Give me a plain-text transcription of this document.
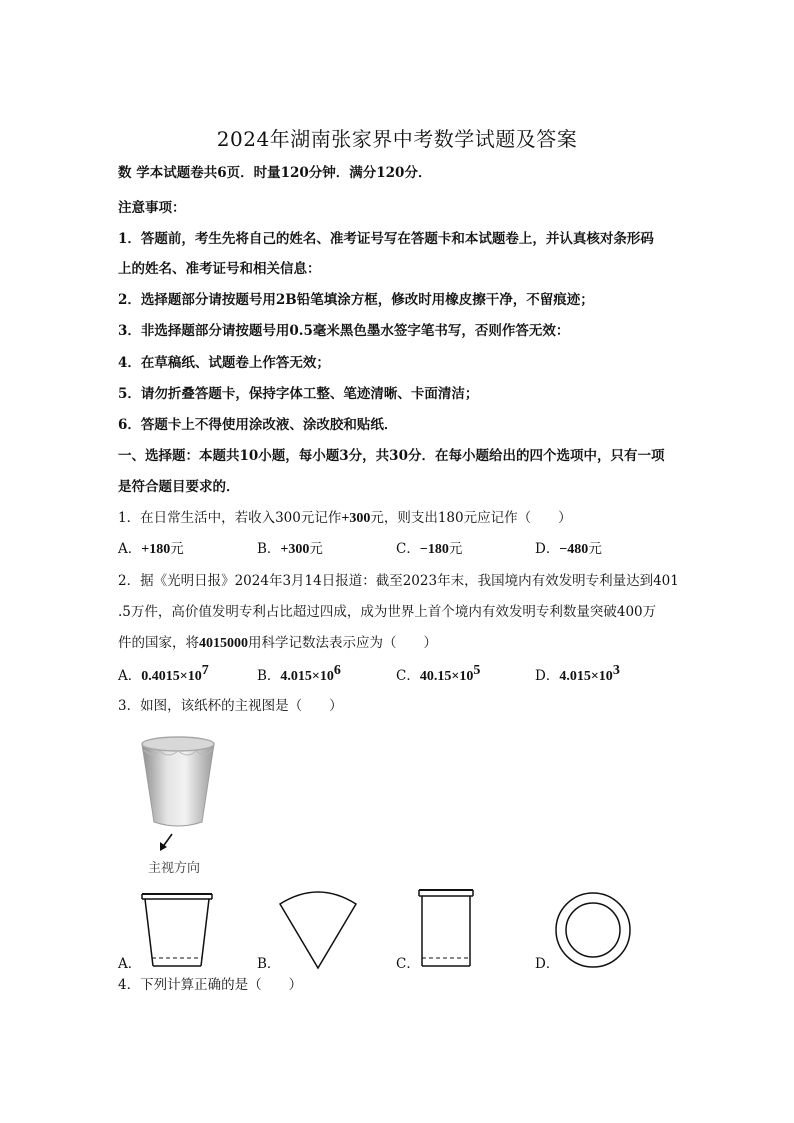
2024年湖南张家界中考数学试题及答案
数 学本试题卷共6页．时量120分钟．满分120分．
注意事项：
1．答题前，考生先将自己的姓名、准考证号写在答题卡和本试题卷上，并认真核对条形码
上的姓名、准考证号和相关信息：
2．选择题部分请按题号用2B铅笔填涂方框，修改时用橡皮擦干净，不留痕迹；
3．非选择题部分请按题号用0.5毫米黑色墨水签字笔书写，否则作答无效：
4．在草稿纸、试题卷上作答无效；
5．请勿折叠答题卡，保持字体工整、笔迹清晰、卡面清洁；
6．答题卡上不得使用涂改液、涂改胶和贴纸．
一、选择题：本题共10小题，每小题3分，共30分．在每小题给出的四个选项中，只有一项
是符合题目要求的．
1．在日常生活中，若收入300元记作+300元，则支出180元应记作（　　）
A．+180元	B．+300元	C．−180元	D．−480元
2．据《光明日报》2024年3月14日报道：截至2023年末，我国境内有效发明专利量达到401
.5万件，高价值发明专利占比超过四成，成为世界上首个境内有效发明专利数量突破400万
件的国家，将4015000用科学记数法表示应为（　　）
A．$0.4015\times 10^7$	B．$4.015\times 10^6$	C．$40.15\times 10^5$	D．$4.015\times 10^3$
3．如图，该纸杯的主视图是（　　）
主视方向
A．	B．	C．	D．
4．下列计算正确的是（　　）
